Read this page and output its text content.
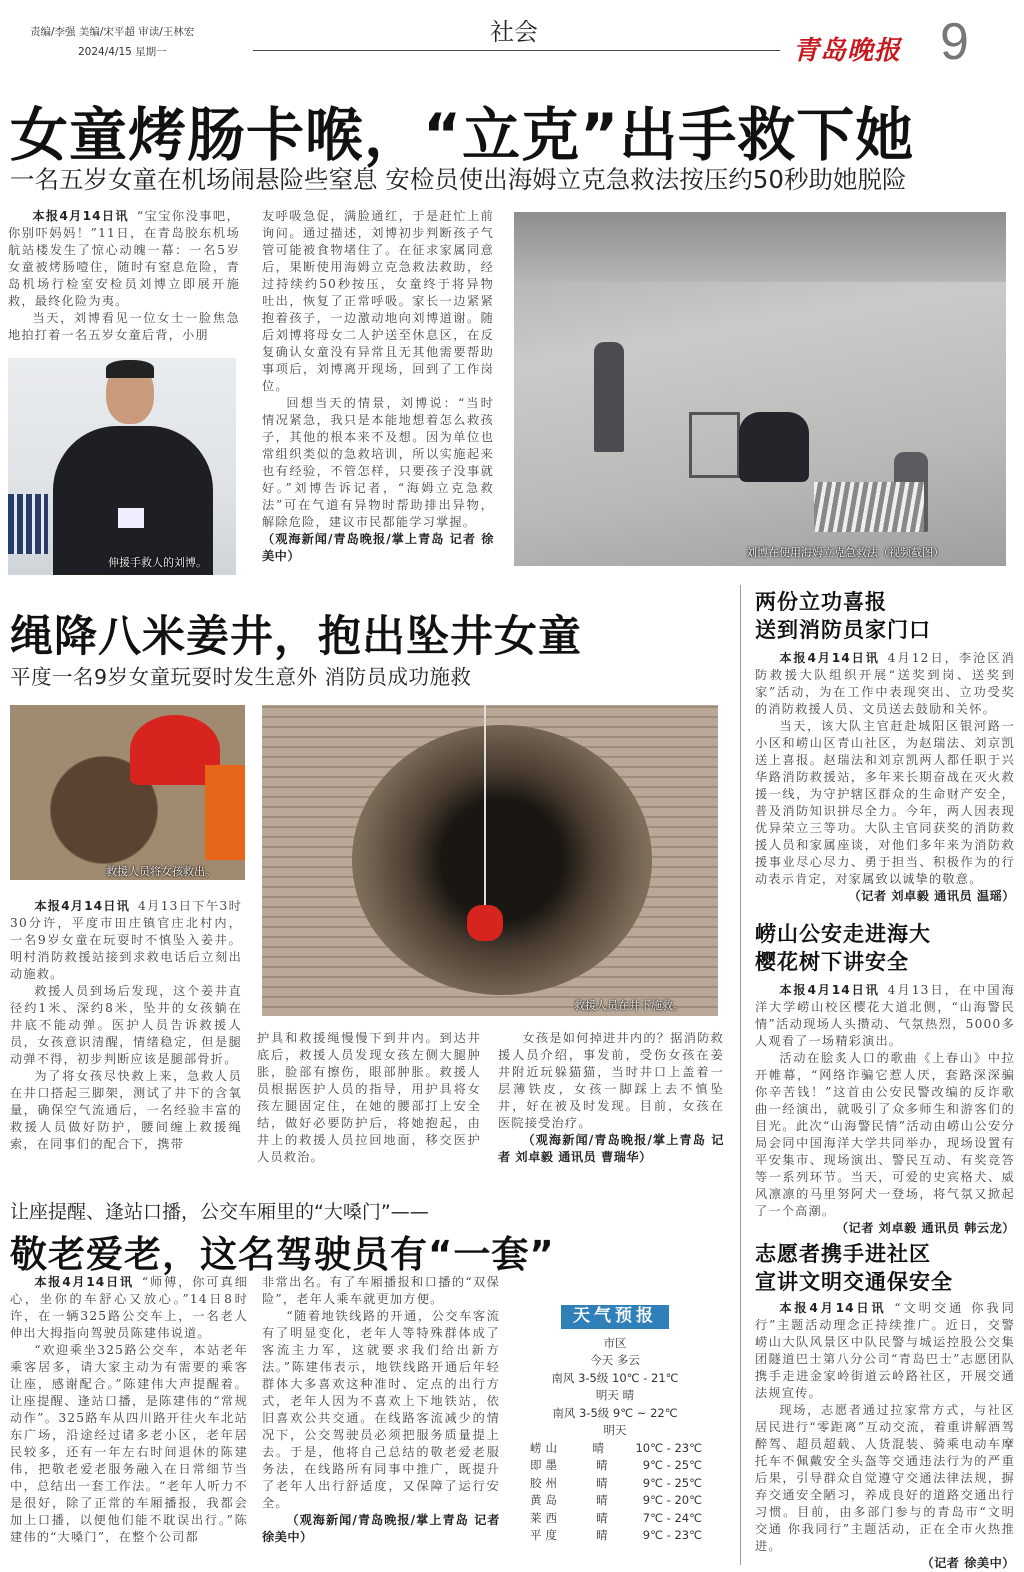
责编/李强 美编/宋平超 审读/王林宏
2024/4/15 星期一
社会
青岛晚报 9
女童烤肠卡喉，“立克”出手救下她
一名五岁女童在机场闹悬险些窒息 安检员使出海姆立克急救法按压约50秒助她脱险

本报4月14日讯 “宝宝你没事吧，你别吓妈妈！”11日，在青岛胶东机场航站楼发生了惊心动魄一幕：一名5岁女童被烤肠噎住，随时有窒息危险，青岛机场行检室安检员刘博立即展开施救，最终化险为夷。

当天，刘博看见一位女士一脸焦急地拍打着一名五岁女童后背，小朋

伸援手救人的刘博。

友呼吸急促，满脸通红，于是赶忙上前询问。通过描述，刘博初步判断孩子气管可能被食物堵住了。在征求家属同意后，果断使用海姆立克急救法救助，经过持续约50秒按压，女童终于将异物吐出，恢复了正常呼吸。家长一边紧紧抱着孩子，一边激动地向刘博道谢。随后刘博将母女二人护送至休息区，在反复确认女童没有异常且无其他需要帮助事项后，刘博离开现场，回到了工作岗位。

回想当天的情景，刘博说：“当时情况紧急，我只是本能地想着怎么救孩子，其他的根本来不及想。因为单位也常组织类似的急救培训，所以实施起来也有经验，不管怎样，只要孩子没事就好。”刘博告诉记者，“海姆立克急救法”可在气道有异物时帮助排出异物，解除危险，建议市民都能学习掌握。

（观海新闻/青岛晚报/掌上青岛 记者 徐美中）	刘博在使用海姆立克急救法（视频截图）
绳降八米姜井，抱出坠井女童
平度一名9岁女童玩耍时发生意外 消防员成功施救
救援人员将女孩救出。
救援人员在井下施救。

本报4月14日讯 4月13日下午3时30分许，平度市田庄镇官庄北村内，一名9岁女童在玩耍时不慎坠入姜井。明村消防救援站接到求救电话后立刻出动施救。

救援人员到场后发现，这个姜井直径约1米、深约8米，坠井的女孩躺在井底不能动弹。医护人员告诉救援人员，女孩意识清醒，情绪稳定，但是腿动弹不得，初步判断应该是腿部骨折。

为了将女孩尽快救上来，急救人员在井口搭起三脚架，测试了井下的含氧量，确保空气流通后，一名经验丰富的救援人员做好防护，腰间缠上救援绳索，在同事们的配合下，携带

护具和救援绳慢慢下到井内。到达井底后，救援人员发现女孩左侧大腿肿胀，脸部有擦伤，眼部肿胀。救援人员根据医护人员的指导，用护具将女孩左腿固定住，在她的腰部打上安全结，做好必要防护后，将她抱起，由井上的救援人员拉回地面，移交医护人员救治。

女孩是如何掉进井内的？据消防救援人员介绍，事发前，受伤女孩在姜井附近玩躲猫猫，当时井口上盖着一层薄铁皮，女孩一脚踩上去不慎坠井，好在被及时发现。目前，女孩在医院接受治疗。

（观海新闻/青岛晚报/掌上青岛 记者 刘卓毅 通讯员 曹瑞华）

让座提醒、逢站口播，公交车厢里的“大嗓门”——
敬老爱老，这名驾驶员有“一套”

本报4月14日讯 “师傅，你可真细心，坐你的车舒心又放心。”14日8时许，在一辆325路公交车上，一名老人伸出大拇指向驾驶员陈建伟说道。

“欢迎乘坐325路公交车，本站老年乘客居多，请大家主动为有需要的乘客让座，感谢配合。”陈建伟大声提醒着。让座提醒、逢站口播，是陈建伟的“常规动作”。325路车从四川路开往火车北站东广场，沿途经过诸多老小区，老年居民较多，还有一年左右时间退休的陈建伟，把敬老爱老服务融入在日常细节当中，总结出一套工作法。“老年人听力不是很好，除了正常的车厢播报，我都会加上口播，以便他们能不耽误出行。”陈建伟的“大嗓门”，在整个公司都

非常出名。有了车厢播报和口播的“双保险”，老年人乘车就更加方便。

“随着地铁线路的开通，公交车客流有了明显变化，老年人等特殊群体成了客流主力军，这就要求我们给出新方法。”陈建伟表示，地铁线路开通后年轻群体大多喜欢这种准时、定点的出行方式，老年人因为不喜欢上下地铁站，依旧喜欢公共交通。在线路客流减少的情况下，公交驾驶员必须把服务质量提上去。于是，他将自己总结的敬老爱老服务法，在线路所有同事中推广，既提升了老年人出行舒适度，又保障了运行安全。

（观海新闻/青岛晚报/掌上青岛 记者 徐美中）

天气预报
市区
今天 多云
南风 3-5级 10℃ - 21℃
明天 晴
南风 3-5级 9℃ ~ 22℃
明天
崂山	晴	10℃ - 23℃
即墨	晴	9℃ - 25℃
胶州	晴	9℃ - 25℃
黄岛	晴	9℃ - 20℃
莱西	晴	7℃ - 24℃
平度	晴	9℃ - 23℃
两份立功喜报
送到消防员家门口

本报4月14日讯 4月12日，李沧区消防救援大队组织开展“送奖到岗、送奖到家”活动，为在工作中表现突出、立功受奖的消防救援人员、文员送去鼓励和关怀。

当天，该大队主官赶赴城阳区银河路一小区和崂山区青山社区，为赵瑞法、刘京凯送上喜报。赵瑞法和刘京凯两人都任职于兴华路消防救援站，多年来长期奋战在灭火救援一线，为守护辖区群众的生命财产安全，普及消防知识拼尽全力。今年，两人因表现优异荣立三等功。大队主官同获奖的消防救援人员和家属座谈，对他们多年来为消防救援事业尽心尽力、勇于担当、积极作为的行动表示肯定，对家属致以诚挚的敬意。

（记者 刘卓毅 通讯员 温瑶）

崂山公安走进海大
樱花树下讲安全

本报4月14日讯 4月13日，在中国海洋大学崂山校区樱花大道北侧，“山海警民情”活动现场人头攒动、气氛热烈，5000多人观看了一场精彩演出。

活动在脍炙人口的歌曲《上春山》中拉开帷幕，“网络诈骗它惹人厌，套路深深骗你辛苦钱！”这首由公安民警改编的反诈歌曲一经演出，就吸引了众多师生和游客们的目光。此次“山海警民情”活动由崂山公安分局会同中国海洋大学共同举办，现场设置有平安集市、现场演出、警民互动、有奖竞答等一系列环节。当天，可爱的史宾格犬、威风凛凛的马里努阿犬一登场，将气氛又掀起了一个高潮。

（记者 刘卓毅 通讯员 韩云龙）

志愿者携手进社区
宣讲文明交通保安全

本报4月14日讯 “文明交通 你我同行”主题活动理念正持续推广。近日，交警崂山大队风景区中队民警与城运控股公交集团隧道巴士第八分公司“青岛巴士”志愿团队携手走进金家岭街道云岭路社区，开展交通法规宣传。

现场，志愿者通过拉家常方式，与社区居民进行“零距离”互动交流，着重讲解酒驾醉驾、超员超载、人货混装、骑乘电动车摩托车不佩戴安全头盔等交通违法行为的严重后果，引导群众自觉遵守交通法律法规，摒弃交通安全陋习，养成良好的道路交通出行习惯。目前，由多部门参与的青岛市“文明交通 你我同行”主题活动，正在全市火热推进。

（记者 徐美中）
